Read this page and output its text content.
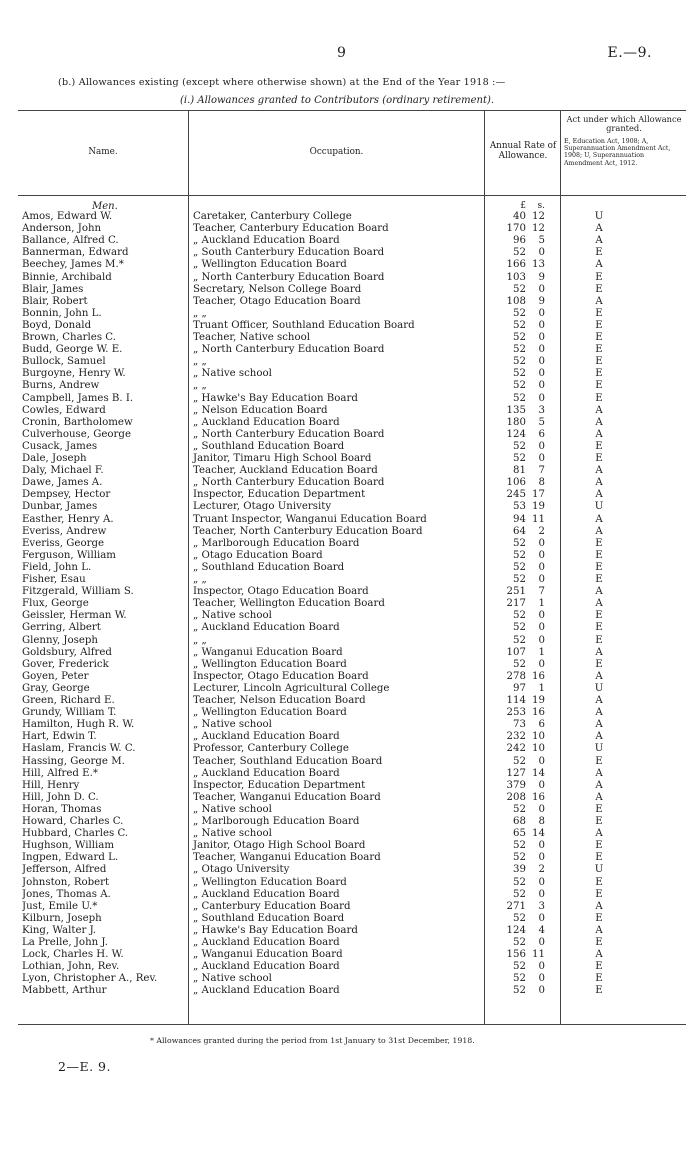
9	E.—9.
(b.) Allowances existing (except where otherwise shown) at the End of the Year 1918 :—
(i.) Allowances granted to Contributors (ordinary retirement).
Name.	Occupation.
Annual Rate of Allowance.
Act under which Allowance granted.
E, Education Act, 1908; A, Superannuation Amendment Act, 1908; U, Superannuation Amendment Act, 1912.
Men.	£	s.
Amos, Edward W.	Caretaker, Canterbury College	40 12	U
Anderson, John	Teacher, Canterbury Education Board	170 12	A
Ballance, Alfred C.	„ Auckland Education Board	96	5	A
Bannerman, Edward	„ South Canterbury Education Board	52	0	E
Beechey, James M.*	„ Wellington Education Board	166 13	A
Binnie, Archibald	„ North Canterbury Education Board	103	9	E
Blair, James	Secretary, Nelson College Board	52	0	E
Blair, Robert	Teacher, Otago Education Board	108	9	A
Bonnin, John L.	„ „	52	0	E
Boyd, Donald	Truant Officer, Southland Education Board	52	0	E
Brown, Charles C.	Teacher, Native school	52	0	E
Budd, George W. E.	„ North Canterbury Education Board	52	0	E
Bullock, Samuel	„ „	52	0	E
Burgoyne, Henry W.	„ Native school	52	0	E
Burns, Andrew	„ „	52	0	E
Campbell, James B. I.	„ Hawke's Bay Education Board	52	0	E
Cowles, Edward	„ Nelson Education Board	135	3	A
Cronin, Bartholomew	„ Auckland Education Board	180	5	A
Culverhouse, George	„ North Canterbury Education Board	124	6	A
Cusack, James	„ Southland Education Board	52	0	E
Dale, Joseph	Janitor, Timaru High School Board	52	0	E
Daly, Michael F.	Teacher, Auckland Education Board	81	7	A
Dawe, James A.	„ North Canterbury Education Board	106	8	A
Dempsey, Hector	Inspector, Education Department	245 17	A
Dunbar, James	Lecturer, Otago University	53 19	U
Easther, Henry A.	Truant Inspector, Wanganui Education Board	94 11	A
Everiss, Andrew	Teacher, North Canterbury Education Board	64	2	A
Everiss, George	„ Marlborough Education Board	52	0	E
Ferguson, William	„ Otago Education Board	52	0	E
Field, John L.	„ Southland Education Board	52	0	E
Fisher, Esau	„ „	52	0	E
Fitzgerald, William S.	Inspector, Otago Education Board	251	7	A
Flux, George	Teacher, Wellington Education Board	217	1	A
Geissler, Herman W.	„ Native school	52	0	E
Gerring, Albert	„ Auckland Education Board	52	0	E
Glenny, Joseph	„ „	52	0	E
Goldsbury, Alfred	„ Wanganui Education Board	107	1	A
Gover, Frederick	„ Wellington Education Board	52	0	E
Goyen, Peter	Inspector, Otago Education Board	278 16	A
Gray, George	Lecturer, Lincoln Agricultural College	97	1	U
Green, Richard E.	Teacher, Nelson Education Board	114 19	A
Grundy, William T.	„ Wellington Education Board	253 16	A
Hamilton, Hugh R. W.	„ Native school	73	6	A
Hart, Edwin T.	„ Auckland Education Board	232 10	A
Haslam, Francis W. C.	Professor, Canterbury College	242 10	U
Hassing, George M.	Teacher, Southland Education Board	52	0	E
Hill, Alfred E.*	„ Auckland Education Board	127 14	A
Hill, Henry	Inspector, Education Department	379	0	A
Hill, John D. C.	Teacher, Wanganui Education Board	208 16	A
Horan, Thomas	„ Native school	52	0	E
Howard, Charles C.	„ Marlborough Education Board	68	8	E
Hubbard, Charles C.	„ Native school	65 14	A
Hughson, William	Janitor, Otago High School Board	52	0	E
Ingpen, Edward L.	Teacher, Wanganui Education Board	52	0	E
Jefferson, Alfred	„ Otago University	39	2	U
Johnston, Robert	„ Wellington Education Board	52	0	E
Jones, Thomas A.	„ Auckland Education Board	52	0	E
Just, Emile U.*	„ Canterbury Education Board	271	3	A
Kilburn, Joseph	„ Southland Education Board	52	0	E
King, Walter J.	„ Hawke's Bay Education Board	124	4	A
La Prelle, John J.	„ Auckland Education Board	52	0	E
Lock, Charles H. W.	„ Wanganui Education Board	156 11	A
Lothian, John, Rev.	„ Auckland Education Board	52	0	E
Lyon, Christopher A., Rev.	„ Native school	52	0	E
Mabbett, Arthur	„ Auckland Education Board	52	0	E
* Allowances granted during the period from 1st January to 31st December, 1918.
2—E. 9.
